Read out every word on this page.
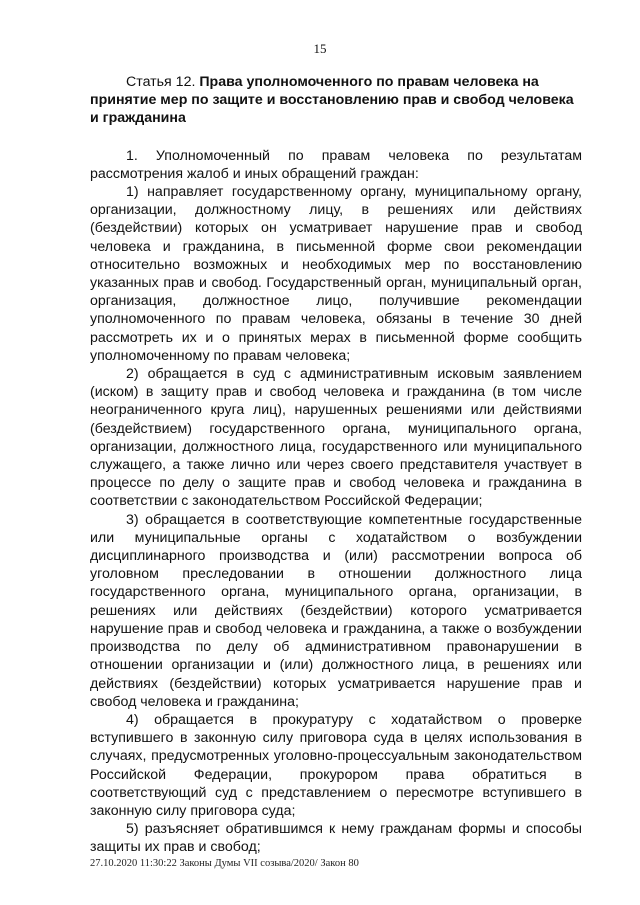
15

Статья 12. Права уполномоченного по правам человека на принятие мер по защите и восстановлению прав и свобод человека и гражданина

1. Уполномоченный по правам человека по результатам рассмотрения жалоб и иных обращений граждан:

1) направляет государственному органу, муниципальному органу, организации, должностному лицу, в решениях или действиях (бездействии) которых он усматривает нарушение прав и свобод человека и гражданина, в письменной форме свои рекомендации относительно возможных и необходимых мер по восстановлению указанных прав и свобод. Государственный орган, муниципальный орган, организация, должностное лицо, получившие рекомендации уполномоченного по правам человека, обязаны в течение 30 дней рассмотреть их и о принятых мерах в письменной форме сообщить уполномоченному по правам человека;

2) обращается в суд с административным исковым заявлением (иском) в защиту прав и свобод человека и гражданина (в том числе неограниченного круга лиц), нарушенных решениями или действиями (бездействием) государственного органа, муниципального органа, организации, должностного лица, государственного или муниципального служащего, а также лично или через своего представителя участвует в процессе по делу о защите прав и свобод человека и гражданина в соответствии с законодательством Российской Федерации;

3) обращается в соответствующие компетентные государственные или муниципальные органы с ходатайством о возбуждении дисциплинарного производства и (или) рассмотрении вопроса об уголовном преследовании в отношении должностного лица государственного органа, муниципального органа, организации, в решениях или действиях (бездействии) которого усматривается нарушение прав и свобод человека и гражданина, а также о возбуждении производства по делу об административном правонарушении в отношении организации и (или) должностного лица, в решениях или действиях (бездействии) которых усматривается нарушение прав и свобод человека и гражданина;

4) обращается в прокуратуру с ходатайством о проверке вступившего в законную силу приговора суда в целях использования в случаях, предусмотренных уголовно-процессуальным законодательством Российской Федерации, прокурором права обратиться в соответствующий суд с представлением о пересмотре вступившего в законную силу приговора суда;

5) разъясняет обратившимся к нему гражданам формы и способы защиты их прав и свобод;

27.10.2020 11:30:22 Законы Думы VII созыва/2020/ Закон 80
